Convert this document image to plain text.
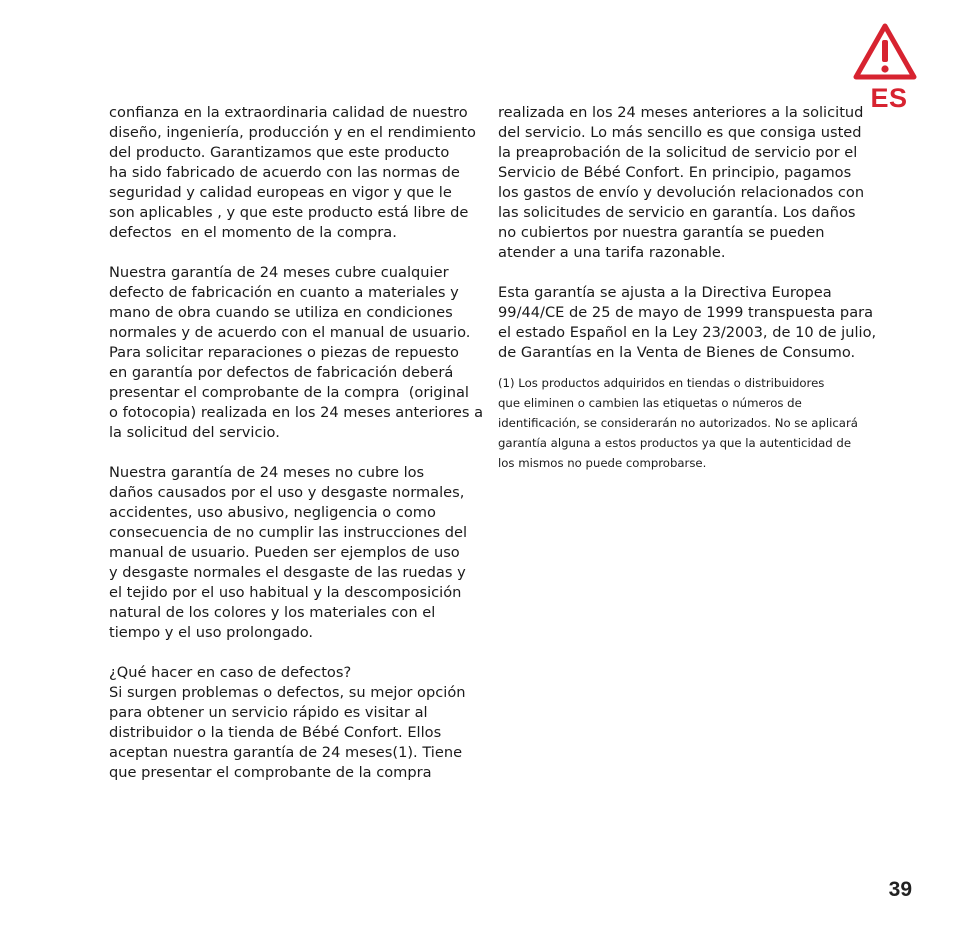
ES
confianza en la extraordinaria calidad de nuestro
diseño, ingeniería, producción y en el rendimiento
del producto. Garantizamos que este producto
ha sido fabricado de acuerdo con las normas de
seguridad y calidad europeas en vigor y que le
son aplicables , y que este producto está libre de
defectos  en el momento de la compra.
Nuestra garantía de 24 meses cubre cualquier
defecto de fabricación en cuanto a materiales y
mano de obra cuando se utiliza en condiciones
normales y de acuerdo con el manual de usuario.
Para solicitar reparaciones o piezas de repuesto
en garantía por defectos de fabricación deberá
presentar el comprobante de la compra  (original
o fotocopia) realizada en los 24 meses anteriores a
la solicitud del servicio.
Nuestra garantía de 24 meses no cubre los
daños causados por el uso y desgaste normales,
accidentes, uso abusivo, negligencia o como
consecuencia de no cumplir las instrucciones del
manual de usuario. Pueden ser ejemplos de uso
y desgaste normales el desgaste de las ruedas y
el tejido por el uso habitual y la descomposición
natural de los colores y los materiales con el
tiempo y el uso prolongado.
¿Qué hacer en caso de defectos?
Si surgen problemas o defectos, su mejor opción
para obtener un servicio rápido es visitar al
distribuidor o la tienda de Bébé Confort. Ellos
aceptan nuestra garantía de 24 meses(1). Tiene
que presentar el comprobante de la compra
realizada en los 24 meses anteriores a la solicitud
del servicio. Lo más sencillo es que consiga usted
la preaprobación de la solicitud de servicio por el
Servicio de Bébé Confort. En principio, pagamos
los gastos de envío y devolución relacionados con
las solicitudes de servicio en garantía. Los daños
no cubiertos por nuestra garantía se pueden
atender a una tarifa razonable.
Esta garantía se ajusta a la Directiva Europea
99/44/CE de 25 de mayo de 1999 transpuesta para
el estado Español en la Ley 23/2003, de 10 de julio,
de Garantías en la Venta de Bienes de Consumo.
(1) Los productos adquiridos en tiendas o distribuidores
que eliminen o cambien las etiquetas o números de
identificación, se considerarán no autorizados. No se aplicará
garantía alguna a estos productos ya que la autenticidad de
los mismos no puede comprobarse.
39
